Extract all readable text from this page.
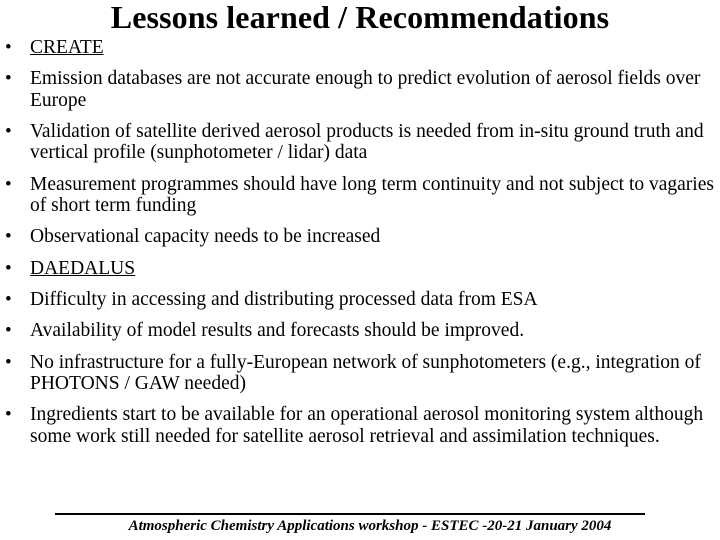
Lessons learned / Recommendations
• CREATE
• Emission databases are not accurate enough to predict evolution of aerosol fields over Europe
• Validation of satellite derived aerosol products is needed from in-situ ground truth and vertical profile (sunphotometer / lidar) data
• Measurement programmes should have long term continuity and not subject to vagaries of short term funding
• Observational capacity needs to be increased
• DAEDALUS
• Difficulty in accessing and distributing processed data from ESA
• Availability of model results and forecasts should be improved.
• No infrastructure for a fully-European network of sunphotometers (e.g., integration of PHOTONS / GAW needed)
• Ingredients start to be available for an operational aerosol monitoring system although some work still needed for satellite aerosol retrieval and assimilation techniques.

Atmospheric Chemistry Applications workshop - ESTEC -20-21 January 2004
